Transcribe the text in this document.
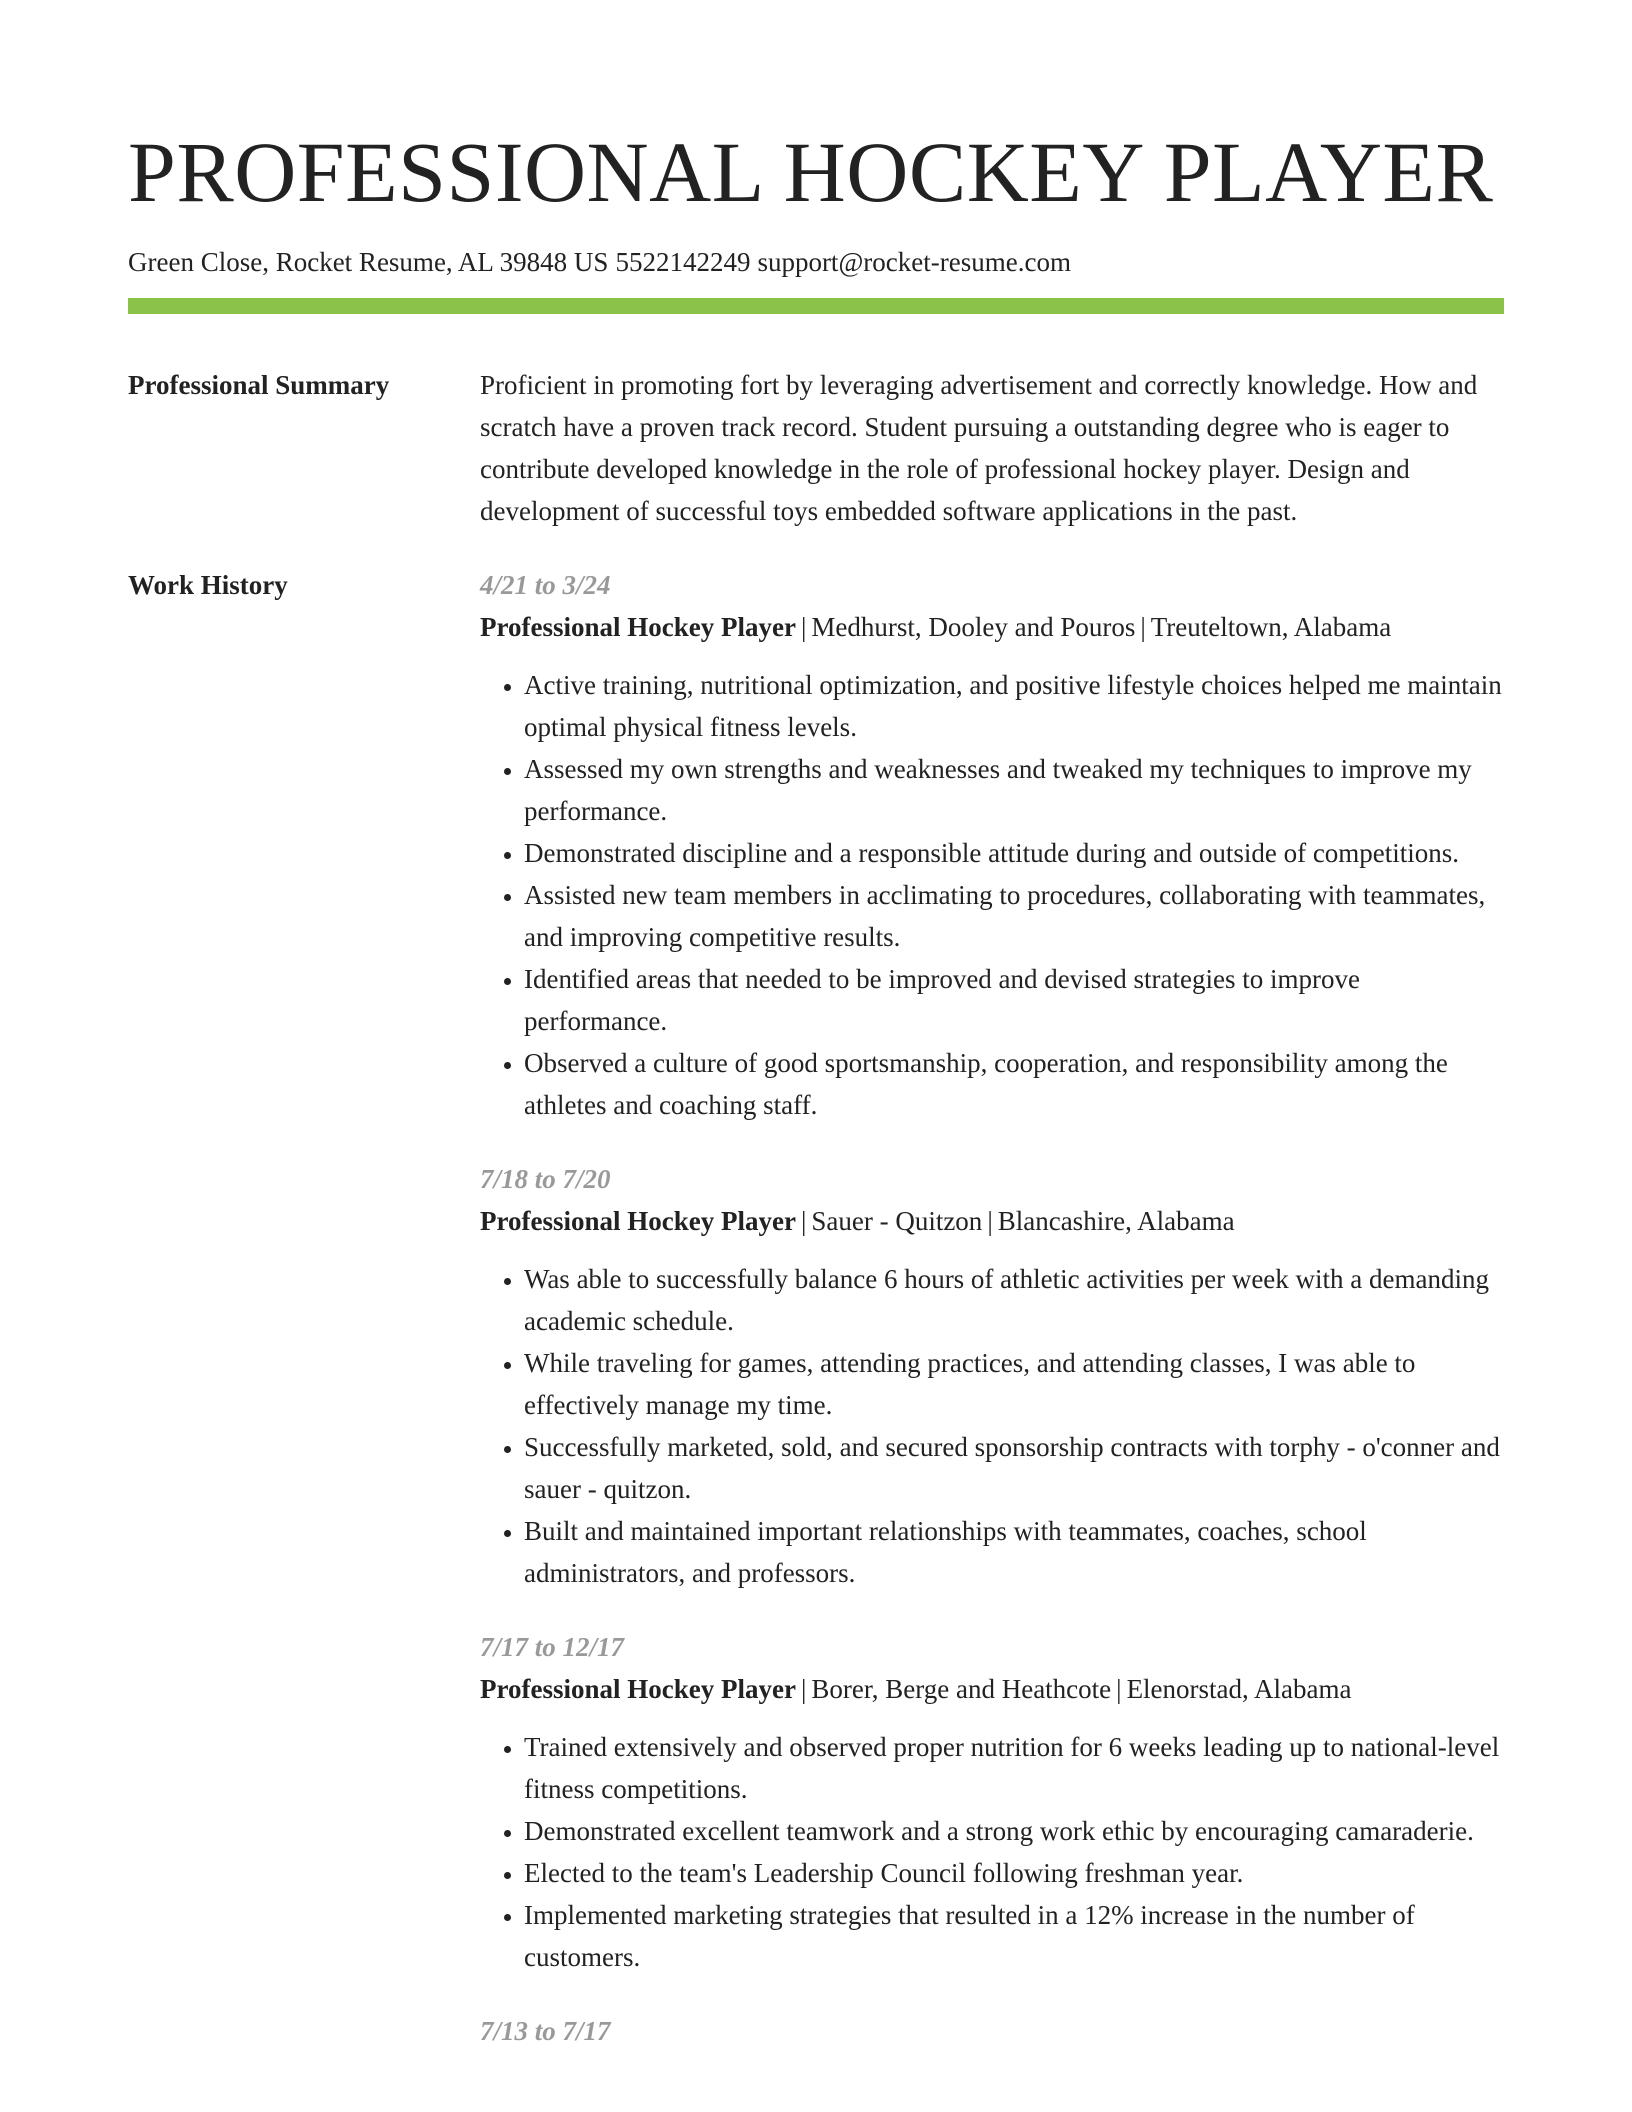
PROFESSIONAL HOCKEY PLAYER
Green Close, Rocket Resume, AL 39848 US 5522142249 support@rocket-resume.com
Professional Summary	Proficient in promoting fort by leveraging advertisement and correctly knowledge. How and scratch have a proven track record. Student pursuing a outstanding degree who is eager to contribute developed knowledge in the role of professional hockey player. Design and development of successful toys embedded software applications in the past.

Work History	4/21 to 3/24
Professional Hockey Player | Medhurst, Dooley and Pouros | Treuteltown, Alabama
• Active training, nutritional optimization, and positive lifestyle choices helped me maintain optimal physical fitness levels.
• Assessed my own strengths and weaknesses and tweaked my techniques to improve my performance.
• Demonstrated discipline and a responsible attitude during and outside of competitions.
• Assisted new team members in acclimating to procedures, collaborating with teammates, and improving competitive results.
• Identified areas that needed to be improved and devised strategies to improve performance.
• Observed a culture of good sportsmanship, cooperation, and responsibility among the athletes and coaching staff.
7/18 to 7/20
Professional Hockey Player | Sauer - Quitzon | Blancashire, Alabama
• Was able to successfully balance 6 hours of athletic activities per week with a demanding academic schedule.
• While traveling for games, attending practices, and attending classes, I was able to effectively manage my time.
• Successfully marketed, sold, and secured sponsorship contracts with torphy - o'conner and sauer - quitzon.
• Built and maintained important relationships with teammates, coaches, school administrators, and professors.
7/17 to 12/17
Professional Hockey Player | Borer, Berge and Heathcote | Elenorstad, Alabama
• Trained extensively and observed proper nutrition for 6 weeks leading up to national-level fitness competitions.
• Demonstrated excellent teamwork and a strong work ethic by encouraging camaraderie.
• Elected to the team's Leadership Council following freshman year.
• Implemented marketing strategies that resulted in a 12% increase in the number of customers.
7/13 to 7/17
